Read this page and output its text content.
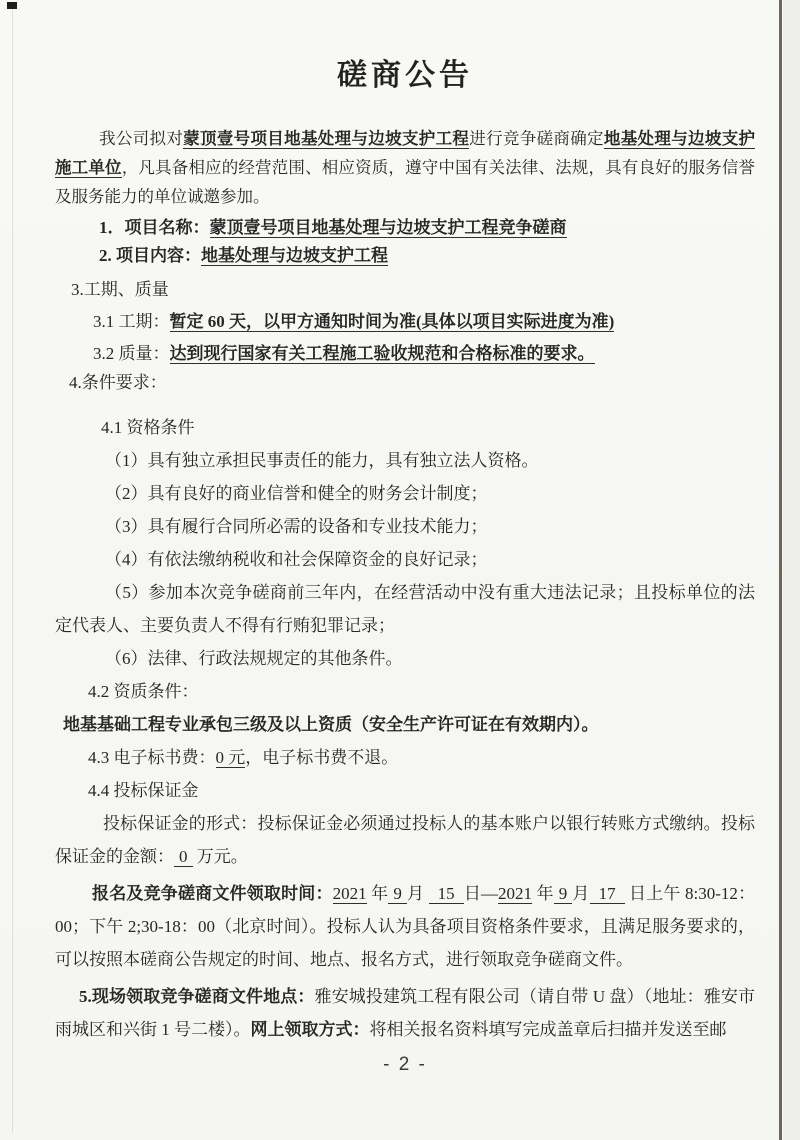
磋商公告

我公司拟对蒙顶壹号项目地基处理与边坡支护工程进行竞争磋商确定地基处理与边坡支护施工单位，凡具备相应的经营范围、相应资质，遵守中国有关法律、法规，具有良好的服务信誉及服务能力的单位诚邀参加。

1．项目名称：蒙顶壹号项目地基处理与边坡支护工程竞争磋商

2. 项目内容：地基处理与边坡支护工程

3.工期、质量

3.1 工期：暂定 60 天，以甲方通知时间为准(具体以项目实际进度为准)

3.2 质量：达到现行国家有关工程施工验收规范和合格标准的要求。

4.条件要求：

4.1 资格条件

（1）具有独立承担民事责任的能力，具有独立法人资格。

（2）具有良好的商业信誉和健全的财务会计制度；

（3）具有履行合同所必需的设备和专业技术能力；

（4）有依法缴纳税收和社会保障资金的良好记录；

（5）参加本次竞争磋商前三年内，在经营活动中没有重大违法记录；且投标单位的法定代表人、主要负责人不得有行贿犯罪记录；

（6）法律、行政法规规定的其他条件。

4.2 资质条件：

地基基础工程专业承包三级及以上资质（安全生产许可证在有效期内）。

4.3 电子标书费：0 元，电子标书费不退。

4.4 投标保证金

投标保证金的形式：投标保证金必须通过投标人的基本账户以银行转账方式缴纳。投标保证金的金额： 0 万元。

报名及竞争磋商文件领取时间：2021 年 9 月 15 日—2021 年 9 月 17 日上午 8:30-12：00；下午 2;30-18：00（北京时间）。投标人认为具备项目资格条件要求，且满足服务要求的，可以按照本磋商公告规定的时间、地点、报名方式，进行领取竞争磋商文件。

5.现场领取竞争磋商文件地点：雅安城投建筑工程有限公司（请自带 U 盘）（地址：雅安市雨城区和兴街 1 号二楼）。网上领取方式：将相关报名资料填写完成盖章后扫描并发送至邮

- 2 -
